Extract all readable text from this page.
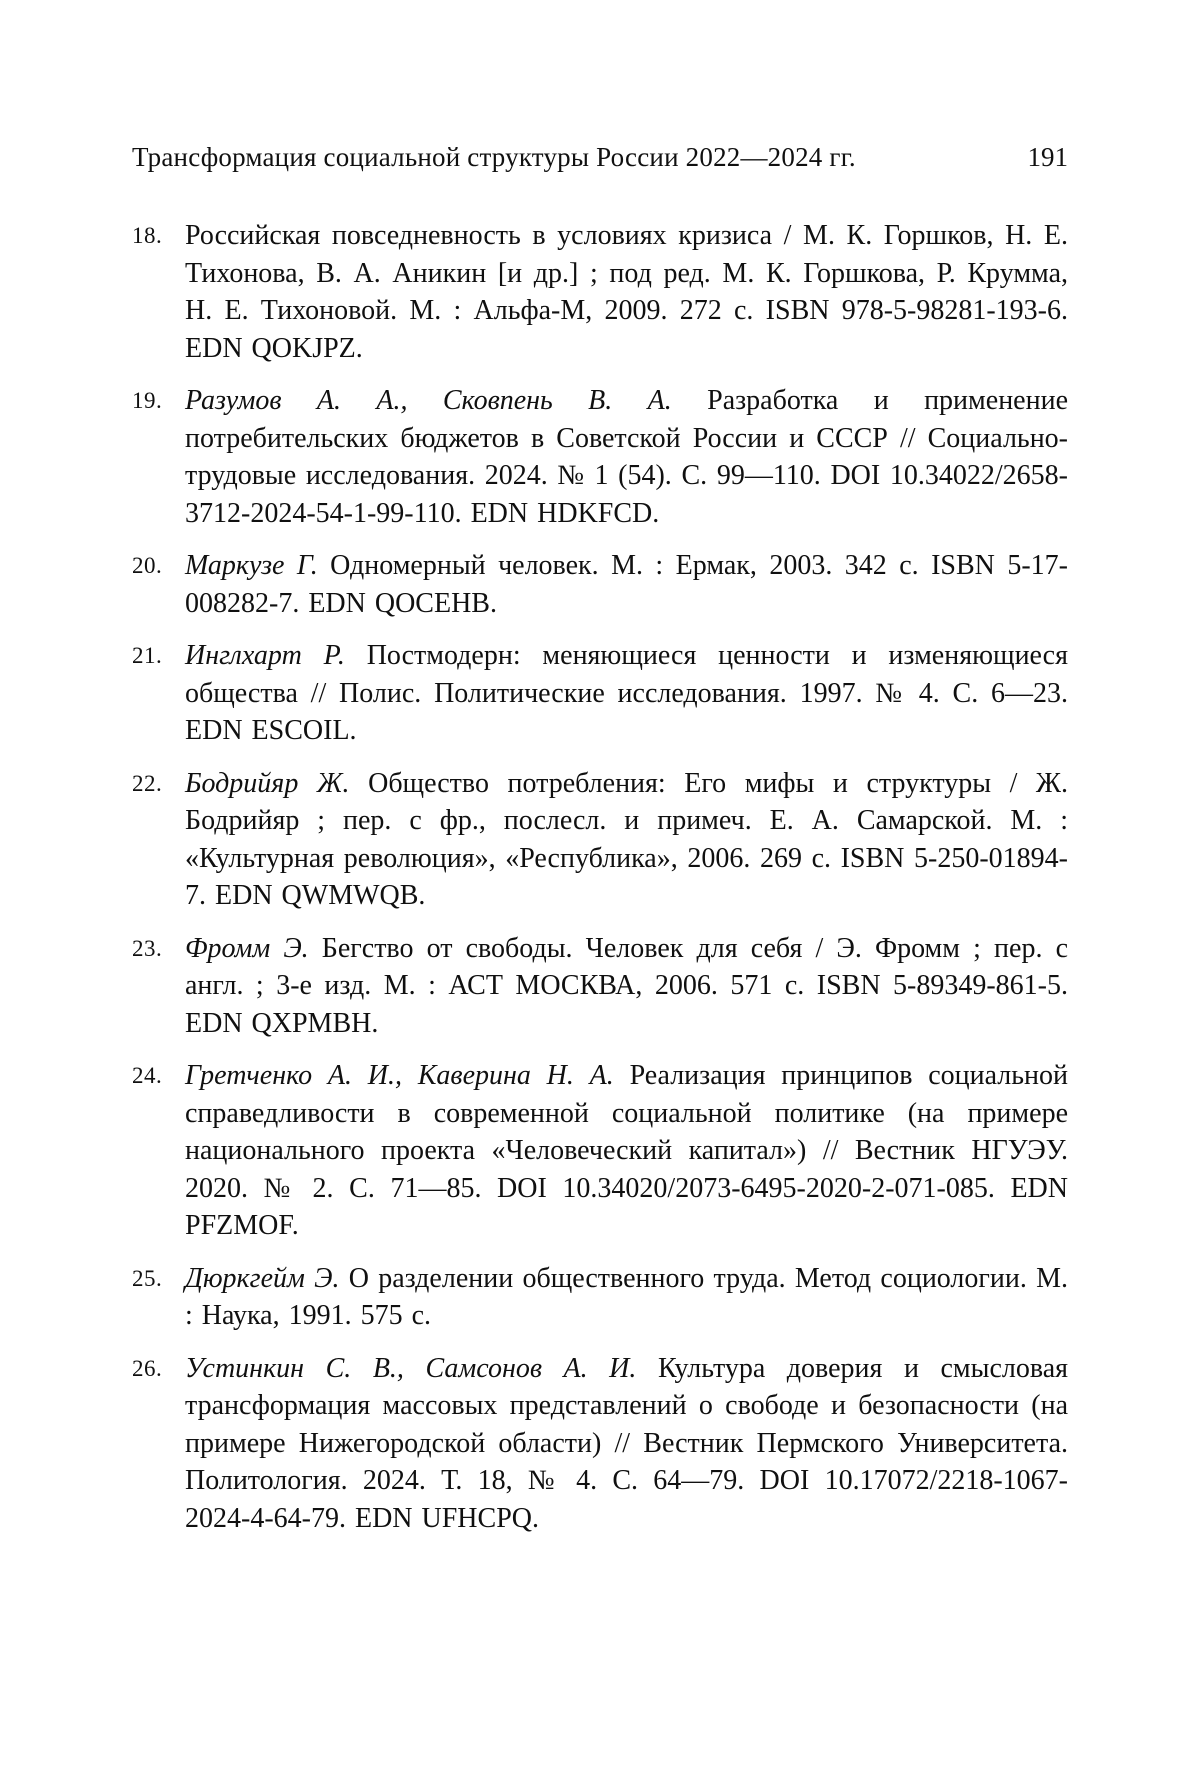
Трансформация социальной структуры России 2022—2024 гг.	191
18. Российская повседневность в условиях кризиса / М. К. Горшков, Н. Е. Тихонова, В. А. Аникин [и др.] ; под ред. М. К. Горшкова, Р. Крумма, Н. Е. Тихоновой. М. : Альфа-М, 2009. 272 с. ISBN 978-5-98281-193-6. EDN QOKJPZ.
19. Разумов А. А., Сковпень В. А. Разработка и применение потребительских бюджетов в Советской России и СССР // Социально-трудовые исследования. 2024. № 1 (54). С. 99—110. DOI 10.34022/2658-3712-2024-54-1-99-110. EDN HDKFCD.
20. Маркузе Г. Одномерный человек. М. : Ермак, 2003. 342 с. ISBN 5-17-008282-7. EDN QOCEHB.
21. Инглхарт Р. Постмодерн: меняющиеся ценности и изменяющиеся общества // Полис. Политические исследования. 1997. № 4. С. 6—23. EDN ESCOIL.
22. Бодрийяр Ж. Общество потребления: Его мифы и структуры / Ж. Бодрийяр ; пер. с фр., послесл. и примеч. Е. А. Самарской. М. : «Культурная революция», «Республика», 2006. 269 с. ISBN 5-250-01894-7. EDN QWMWQB.
23. Фромм Э. Бегство от свободы. Человек для себя / Э. Фромм ; пер. с англ. ; 3-е изд. М. : АСТ МОСКВА, 2006. 571 с. ISBN 5-89349-861-5. EDN QXPMBH.
24. Гретченко А. И., Каверина Н. А. Реализация принципов социальной справедливости в современной социальной политике (на примере национального проекта «Человеческий капитал») // Вестник НГУЭУ. 2020. № 2. С. 71—85. DOI 10.34020/2073-6495-2020-2-071-085. EDN PFZMOF.
25. Дюркгейм Э. О разделении общественного труда. Метод социологии. М. : Наука, 1991. 575 с.
26. Устинкин С. В., Самсонов А. И. Культура доверия и смысловая трансформация массовых представлений о свободе и безопасности (на примере Нижегородской области) // Вестник Пермского Университета. Политология. 2024. Т. 18, № 4. С. 64—79. DOI 10.17072/2218-1067-2024-4-64-79. EDN UFHCPQ.
